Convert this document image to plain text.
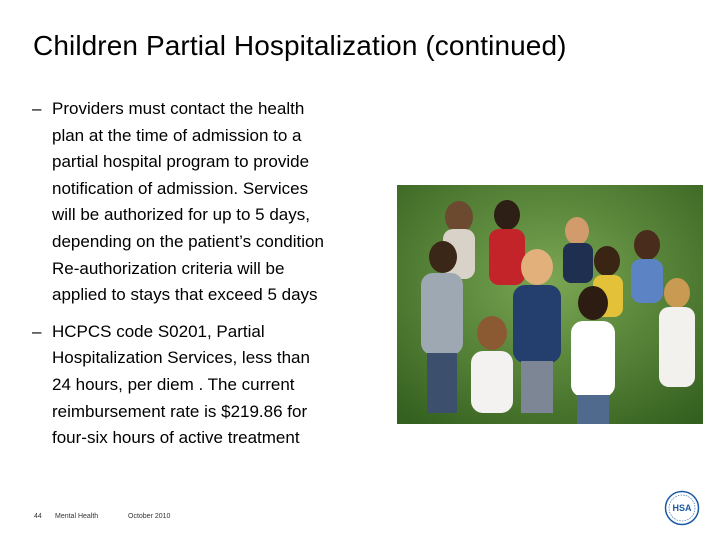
Children Partial Hospitalization (continued)
– Providers must contact the health
plan at the time of admission to a
partial hospital program to provide
notification of admission. Services
will be authorized for up to 5 days,
depending on the patient’s condition
Re-authorization criteria will be
applied to stays that exceed 5 days
– HCPCS code S0201, Partial
Hospitalization Services, less than
24 hours, per diem . The current
reimbursement rate is $219.86 for
four-six hours of active treatment
44 Mental Health	October 2010
HSA
